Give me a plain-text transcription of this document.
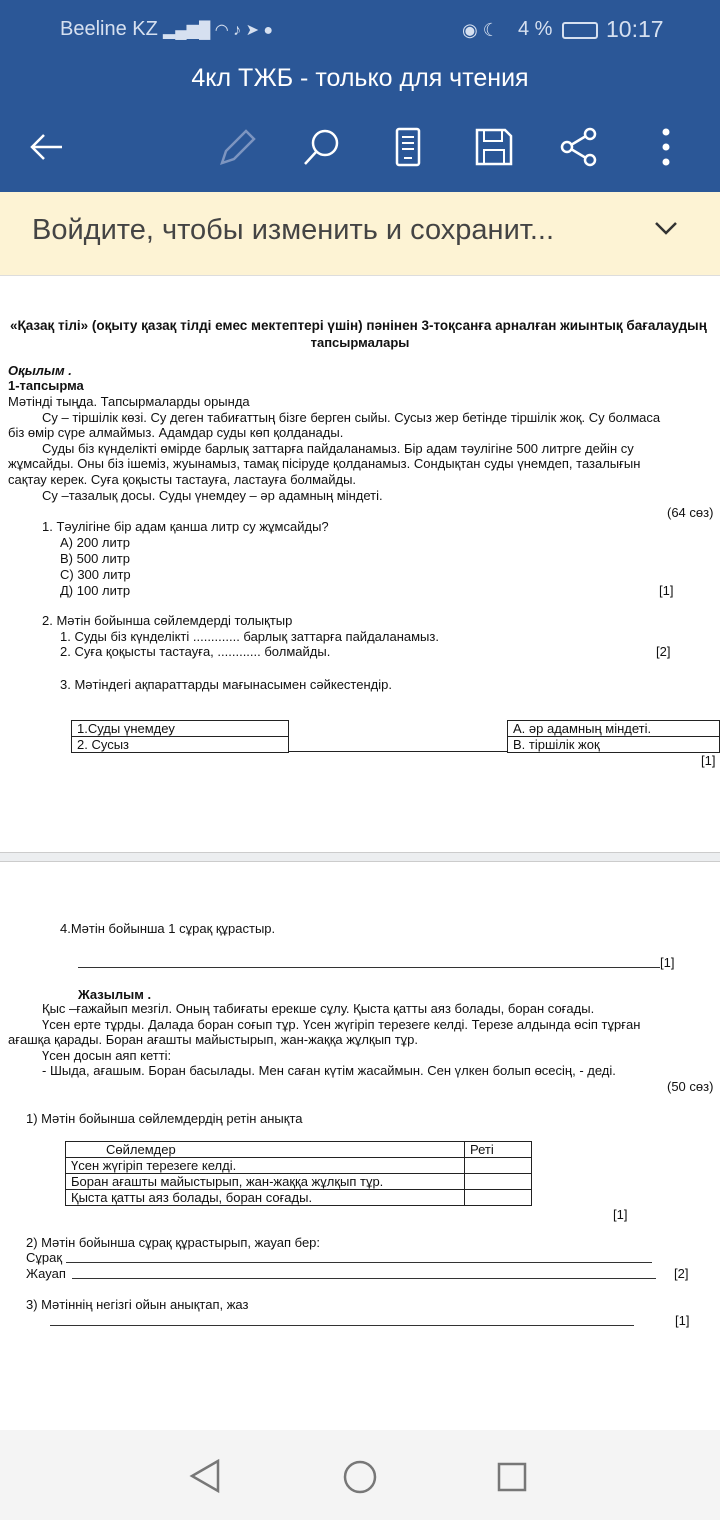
Beeline KZ ▂▄▆█ ◠ ♪ ➤ ●	◉ ☾ 4 % 10:17
4кл ТЖБ - только для чтения
Войдите, чтобы изменить и сохранит...
«Қазақ тілі» (оқыту қазақ тілді емес мектептері үшін) пәнінен 3-тоқсанға арналған жиынтық бағалаудың
тапсырмалары
Оқылым .
1-тапсырма
Мәтінді тыңда. Тапсырмаларды орында
Су – тіршілік көзі. Су деген табиғаттың бізге берген сыйы. Сусыз жер бетінде тіршілік жоқ. Су болмаса
біз өмір сүре алмаймыз. Адамдар суды көп қолданады.
Суды біз күнделікті өмірде барлық заттарға пайдаланамыз. Бір адам тәулігіне 500 литрге дейін су
жұмсайды. Оны біз ішеміз, жуынамыз, тамақ пісіруде қолданамыз. Сондықтан суды үнемдеп, тазалығын
сақтау керек. Суға қоқысты тастауға, ластауға болмайды.
Су –тазалық досы. Суды үнемдеу – әр адамның міндеті.
(64 сөз)
1. Тәулігіне бір адам қанша литр су жұмсайды?
А) 200 литр
В) 500 литр
С) 300 литр
Д) 100 литр	[1]
2. Мәтін бойынша сөйлемдерді толықтыр
1. Суды біз күнделікті ............. барлық заттарға пайдаланамыз.
2. Суға қоқысты тастауға, ............ болмайды.	[2]
3. Мәтіндегі ақпараттарды мағынасымен сәйкестендір.
1.Суды үнемдеу
2. Сусыз
А. әр адамның міндеті.
В. тіршілік жоқ
[1]
4.Мәтін бойынша 1 сұрақ құрастыр.
[1]
Жазылым .
Қыс –ғажайып мезгіл. Оның табиғаты ерекше сұлу. Қыста қатты аяз болады, боран соғады.
Үсен ерте тұрды. Далада боран соғып тұр. Үсен жүгіріп терезеге келді. Терезе алдында өсіп тұрған
ағашқа қарады. Боран ағашты майыстырып, жан-жаққа жұлқып тұр.
Үсен досын аяп кетті:
- Шыда, ағашым. Боран басылады. Мен саған күтім жасаймын. Сен үлкен болып өсесің, - деді.
(50 сөз)
1) Мәтін бойынша сөйлемдердің ретін анықта
Сөйлемдер	Реті
Үсен жүгіріп терезеге келді.	
Боран ағашты майыстырып, жан-жаққа жұлқып тұр.	
Қыста қатты аяз болады, боран соғады.	
[1]
2) Мәтін бойынша сұрақ құрастырып, жауап бер:
Сұрақ
Жауап	[2]
3) Мәтіннің негізгі ойын анықтап, жаз
[1]
